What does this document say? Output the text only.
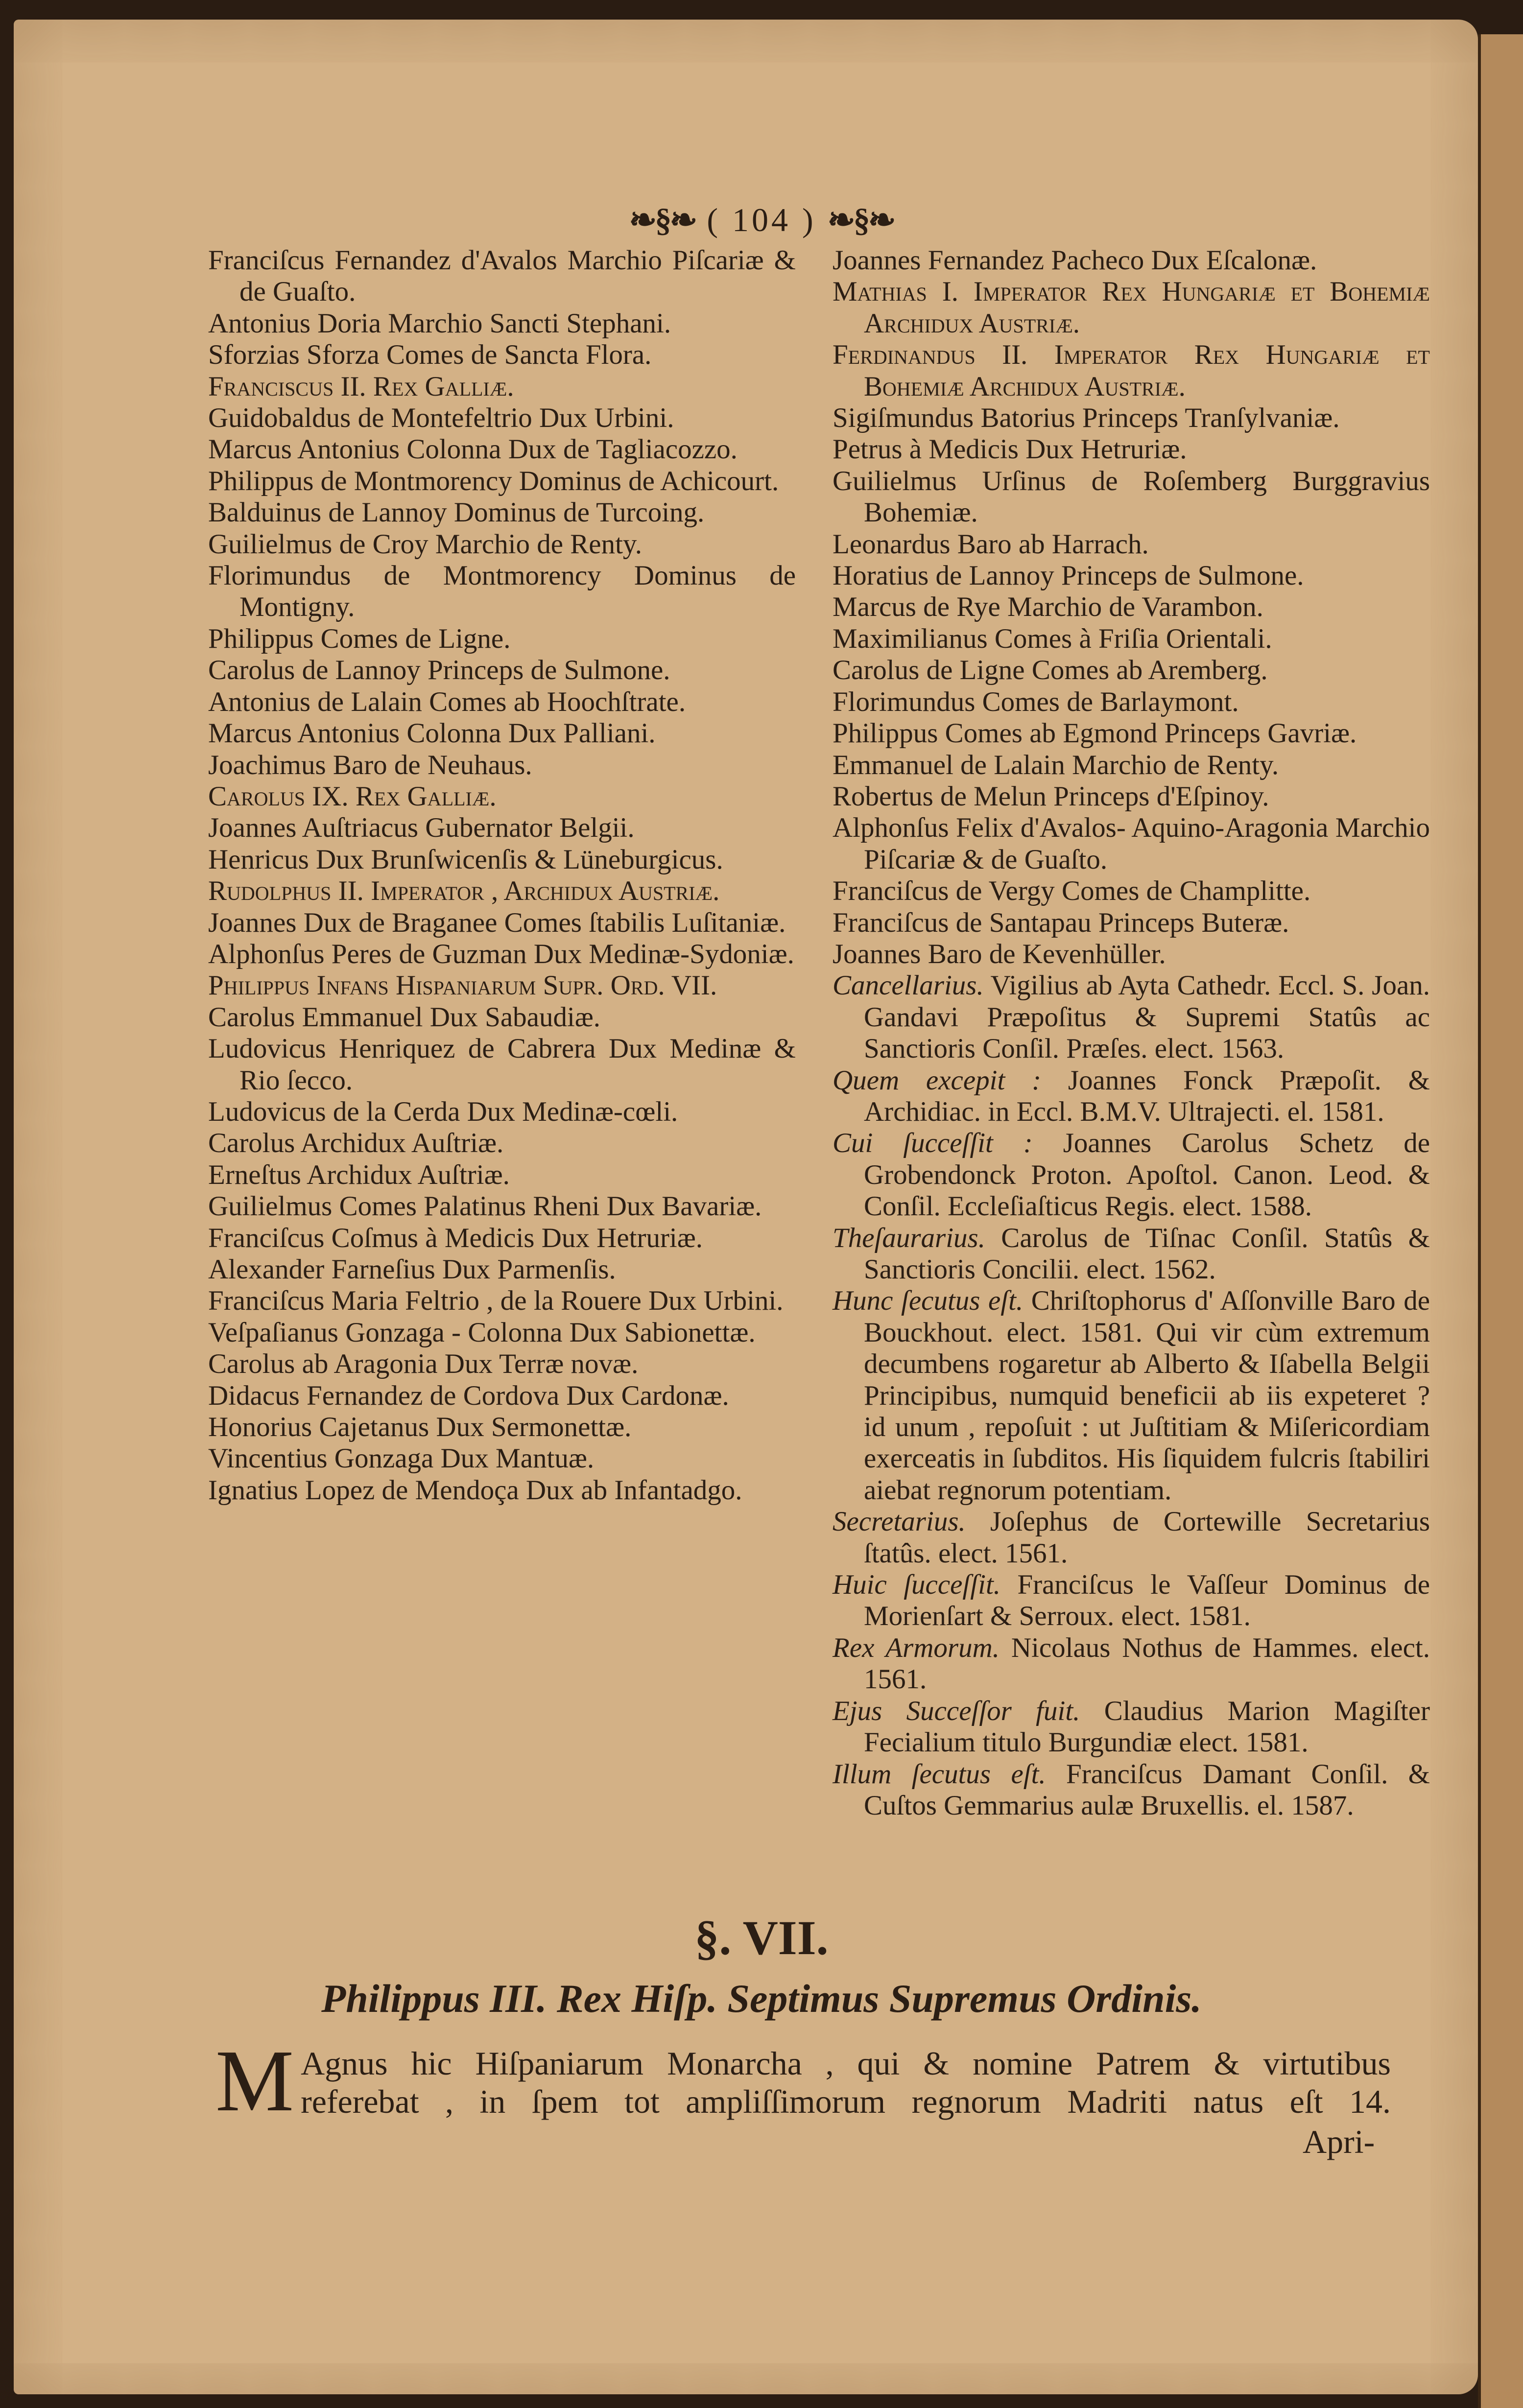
❧§❧ ( 104 ) ❧§❧
Franciſcus Fernandez d'Avalos Marchio Piſcariæ & de Guaſto.
Antonius Doria Marchio Sancti Stephani.
Sforzias Sforza Comes de Sancta Flora.
Franciscus II. Rex Galliæ.
Guidobaldus de Montefeltrio Dux Urbini.
Marcus Antonius Colonna Dux de Tagliacozzo.
Philippus de Montmorency Dominus de Achicourt.
Balduinus de Lannoy Dominus de Turcoing.
Guilielmus de Croy Marchio de Renty.
Florimundus de Montmorency Dominus de Montigny.
Philippus Comes de Ligne.
Carolus de Lannoy Princeps de Sulmone.
Antonius de Lalain Comes ab Hoochſtrate.
Marcus Antonius Colonna Dux Palliani.
Joachimus Baro de Neuhaus.
Carolus IX. Rex Galliæ.
Joannes Auſtriacus Gubernator Belgii.
Henricus Dux Brunſwicenſis & Lüneburgicus.
Rudolphus II. Imperator , Archidux Auſtriæ.
Joannes Dux de Braganee Comes ſtabilis Luſitaniæ.
Alphonſus Peres de Guzman Dux Medinæ-Sydoniæ.
Philippus Infans Hispaniarum Supr. Ord. VII.
Carolus Emmanuel Dux Sabaudiæ.
Ludovicus Henriquez de Cabrera Dux Medinæ & Rio ſecco.
Ludovicus de la Cerda Dux Medinæ-cœli.
Carolus Archidux Auſtriæ.
Erneſtus Archidux Auſtriæ.
Guilielmus Comes Palatinus Rheni Dux Bavariæ.
Franciſcus Coſmus à Medicis Dux Hetruriæ.
Alexander Farneſius Dux Parmenſis.
Franciſcus Maria Feltrio , de la Rouere Dux Urbini.
Veſpaſianus Gonzaga - Colonna Dux Sabionettæ.
Carolus ab Aragonia Dux Terræ novæ.
Didacus Fernandez de Cordova Dux Cardonæ.
Honorius Cajetanus Dux Sermonettæ.
Vincentius Gonzaga Dux Mantuæ.
Ignatius Lopez de Mendoça Dux ab Infantadgo.
Joannes Fernandez Pacheco Dux Eſcalonæ.
Mathias I. Imperator Rex Hungariæ et Bohemiæ Archidux Austriæ.
Ferdinandus II. Imperator Rex Hungariæ et Bohemiæ Archidux Austriæ.
Sigiſmundus Batorius Princeps Tranſylvaniæ.
Petrus à Medicis Dux Hetruriæ.
Guilielmus Urſinus de Roſemberg Burggravius Bohemiæ.
Leonardus Baro ab Harrach.
Horatius de Lannoy Princeps de Sulmone.
Marcus de Rye Marchio de Varambon.
Maximilianus Comes à Friſia Orientali.
Carolus de Ligne Comes ab Aremberg.
Florimundus Comes de Barlaymont.
Philippus Comes ab Egmond Princeps Gavriæ.
Emmanuel de Lalain Marchio de Renty.
Robertus de Melun Princeps d'Eſpinoy.
Alphonſus Felix d'Avalos- Aquino-Aragonia Marchio Piſcariæ & de Guaſto.
Franciſcus de Vergy Comes de Champlitte.
Franciſcus de Santapau Princeps Buteræ.
Joannes Baro de Kevenhüller.
Cancellarius. Vigilius ab Ayta Cathedr. Eccl. S. Joan. Gandavi Præpoſitus & Supremi Statûs ac Sanctioris Conſil. Præſes. elect. 1563.
Quem excepit : Joannes Fonck Præpoſit. & Archidiac. in Eccl. B.M.V. Ultrajecti. el. 1581.
Cui ſucceſſit : Joannes Carolus Schetz de Grobendonck Proton. Apoſtol. Canon. Leod. & Conſil. Eccleſiaſticus Regis. elect. 1588.
Theſaurarius. Carolus de Tiſnac Conſil. Statûs & Sanctioris Concilii. elect. 1562.
Hunc ſecutus eſt. Chriſtophorus d' Aſſonville Baro de Bouckhout. elect. 1581. Qui vir cùm extremum decumbens rogaretur ab Alberto & Iſabella Belgii Principibus, numquid beneficii ab iis expeteret ? id unum , repoſuit : ut Juſtitiam & Miſericordiam exerceatis in ſubditos. His ſiquidem fulcris ſtabiliri aiebat regnorum potentiam.
Secretarius. Joſephus de Cortewille Secretarius ſtatûs. elect. 1561.
Huic ſucceſſit. Franciſcus le Vaſſeur Dominus de Morienſart & Serroux. elect. 1581.
Rex Armorum. Nicolaus Nothus de Hammes. elect. 1561.
Ejus Succeſſor fuit. Claudius Marion Magiſter Fecialium titulo Burgundiæ elect. 1581.
Illum ſecutus eſt. Franciſcus Damant Conſil. & Cuſtos Gemmarius aulæ Bruxellis. el. 1587.
§. VII.
Philippus III. Rex Hiſp. Septimus Supremus Ordinis.
M Agnus hic Hiſpaniarum Monarcha , qui & nomine Patrem & virtutibus
referebat , in ſpem tot ampliſſimorum regnorum Madriti natus eſt 14.
Apri-
